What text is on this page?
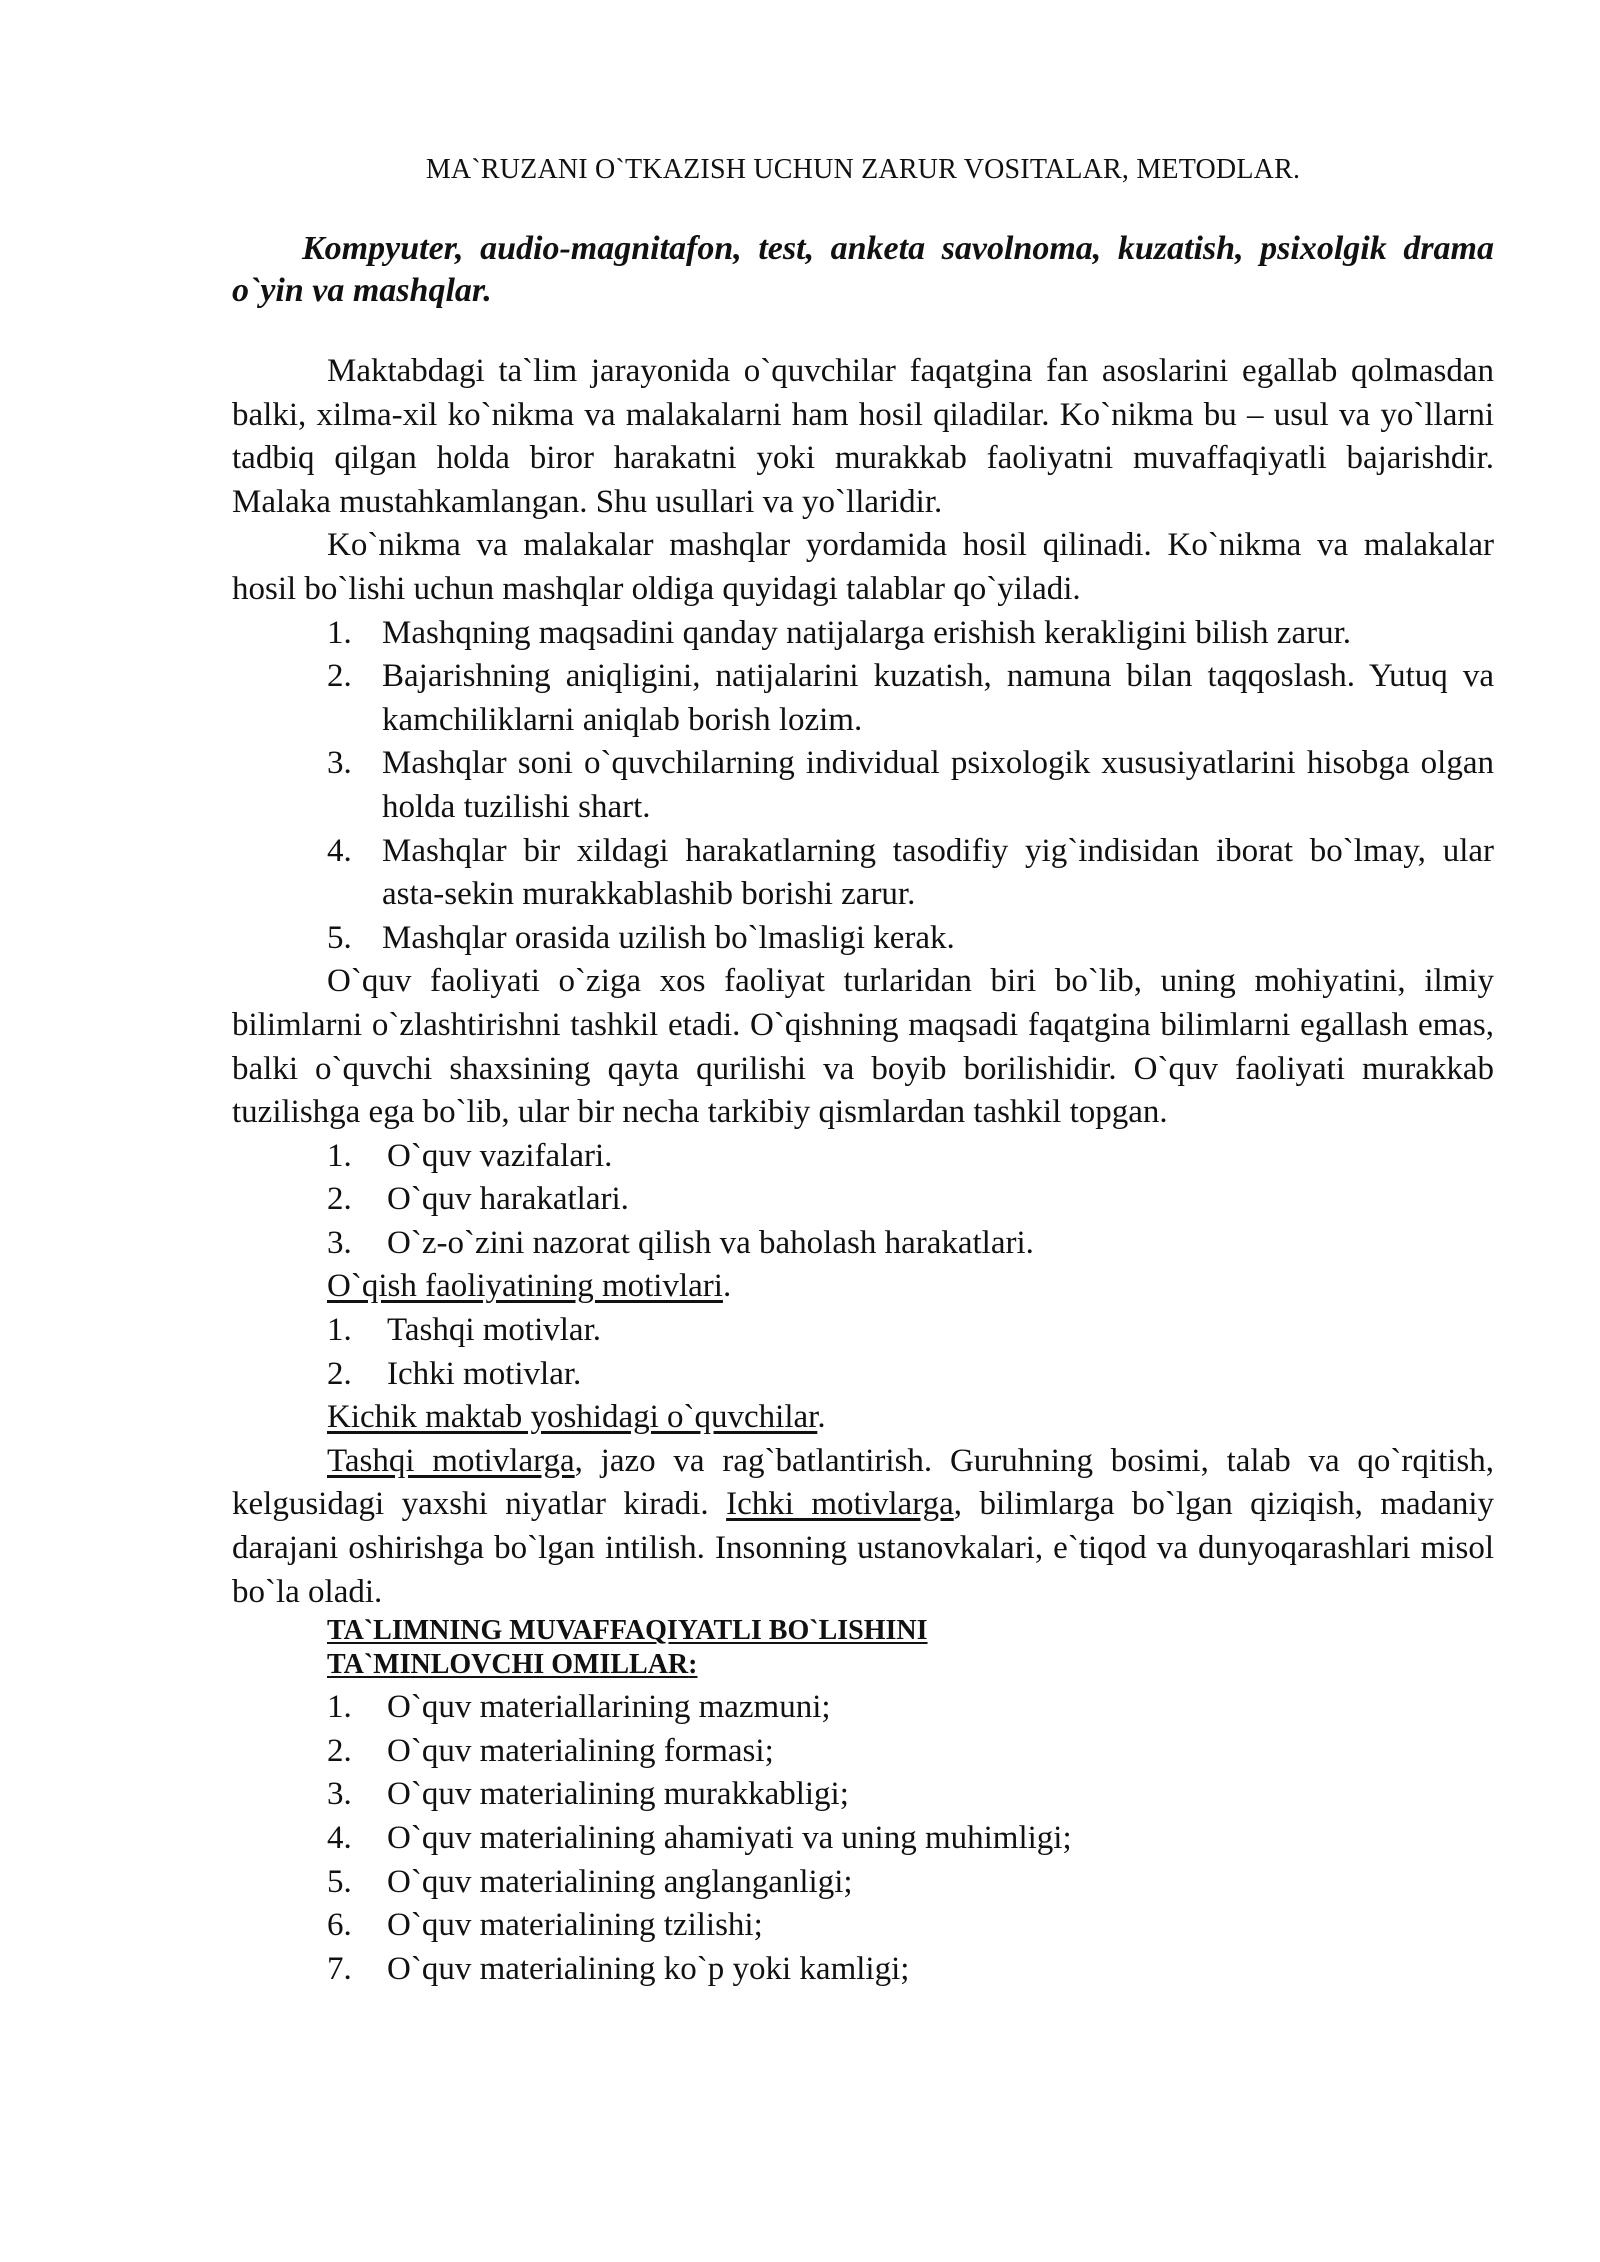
MA`RUZANI O`TKAZISH UCHUN ZARUR VOSITALAR, METODLAR.

Kompyuter, audio-magnitafon, test, anketa savolnoma, kuzatish, psixolgik drama o`yin va mashqlar.

Maktabdagi ta`lim jarayonida o`quvchilar faqatgina fan asoslarini egallab qolmasdan balki, xilma-xil ko`nikma va malakalarni ham hosil qiladilar. Ko`nikma bu – usul va yo`llarni tadbiq qilgan holda biror harakatni yoki murakkab faoliyatni muvaffaqiyatli bajarishdir. Malaka mustahkamlangan. Shu usullari va yo`llaridir.

Ko`nikma va malakalar mashqlar yordamida hosil qilinadi. Ko`nikma va malakalar hosil bo`lishi uchun mashqlar oldiga quyidagi talablar qo`yiladi.

1. Mashqning maqsadini qanday natijalarga erishish kerakligini bilish zarur.
2. Bajarishning aniqligini, natijalarini kuzatish, namuna bilan taqqoslash. Yutuq va kamchiliklarni aniqlab borish lozim.
3. Mashqlar soni o`quvchilarning individual psixologik xususiyatlarini hisobga olgan holda tuzilishi shart.
4. Mashqlar bir xildagi harakatlarning tasodifiy yig`indisidan iborat bo`lmay, ular asta-sekin murakkablashib borishi zarur.
5. Mashqlar orasida uzilish bo`lmasligi kerak.

O`quv faoliyati o`ziga xos faoliyat turlaridan biri bo`lib, uning mohiyatini, ilmiy bilimlarni o`zlashtirishni tashkil etadi. O`qishning maqsadi faqatgina bilimlarni egallash emas, balki o`quvchi shaxsining qayta qurilishi va boyib borilishidir. O`quv faoliyati murakkab tuzilishga ega bo`lib, ular bir necha tarkibiy qismlardan tashkil topgan.

1. O`quv vazifalari.
2. O`quv harakatlari.
3. O`z-o`zini nazorat qilish va baholash harakatlari.

O`qish faoliyatining motivlari.

1. Tashqi motivlar.
2. Ichki motivlar.

Kichik maktab yoshidagi o`quvchilar.

Tashqi motivlarga, jazo va rag`batlantirish. Guruhning bosimi, talab va qo`rqitish, kelgusidagi yaxshi niyatlar kiradi. Ichki motivlarga, bilimlarga bo`lgan qiziqish, madaniy darajani oshirishga bo`lgan intilish. Insonning ustanovkalari, e`tiqod va dunyoqarashlari misol bo`la oladi.

TA`LIMNING MUVAFFAQIYATLI BO`LISHINI

TA`MINLOVCHI OMILLAR:

1. O`quv materiallarining mazmuni;
2. O`quv materialining formasi;
3. O`quv materialining murakkabligi;
4. O`quv materialining ahamiyati va uning muhimligi;
5. O`quv materialining anglanganligi;
6. O`quv materialining tzilishi;
7. O`quv materialining ko`p yoki kamligi;
